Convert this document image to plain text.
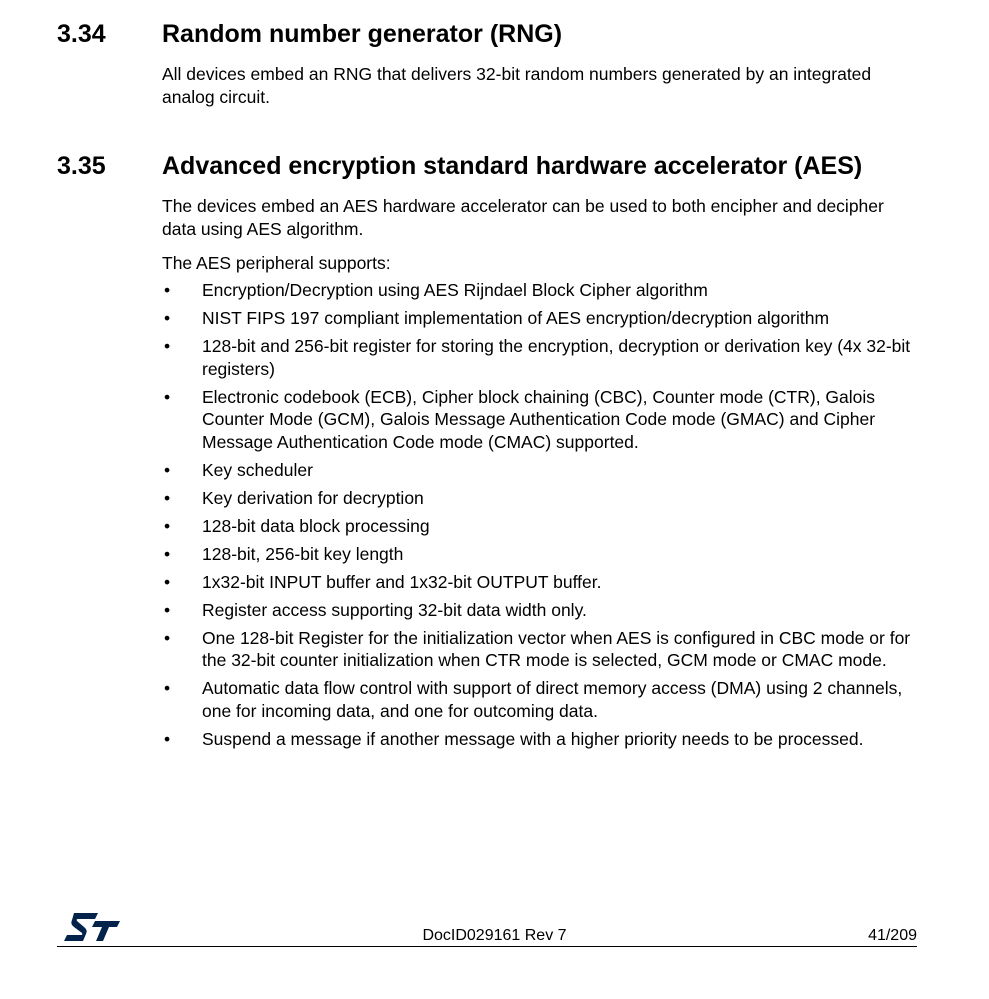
3.34 Random number generator (RNG)

All devices embed an RNG that delivers 32-bit random numbers generated by an integrated analog circuit.

3.35 Advanced encryption standard hardware accelerator (AES)

The devices embed an AES hardware accelerator can be used to both encipher and decipher data using AES algorithm.

The AES peripheral supports:

•	Encryption/Decryption using AES Rijndael Block Cipher algorithm
•	NIST FIPS 197 compliant implementation of AES encryption/decryption algorithm
•	128-bit and 256-bit register for storing the encryption, decryption or derivation key (4x 32-bit registers)
•	Electronic codebook (ECB), Cipher block chaining (CBC), Counter mode (CTR), Galois Counter Mode (GCM), Galois Message Authentication Code mode (GMAC) and Cipher Message Authentication Code mode (CMAC) supported.
•	Key scheduler
•	Key derivation for decryption
•	128-bit data block processing
•	128-bit, 256-bit key length
•	1x32-bit INPUT buffer and 1x32-bit OUTPUT buffer.
•	Register access supporting 32-bit data width only.
•	One 128-bit Register for the initialization vector when AES is configured in CBC mode or for the 32-bit counter initialization when CTR mode is selected, GCM mode or CMAC mode.
•	Automatic data flow control with support of direct memory access (DMA) using 2 channels, one for incoming data, and one for outcoming data.
•	Suspend a message if another message with a higher priority needs to be processed.
DocID029161 Rev 7	41/209
